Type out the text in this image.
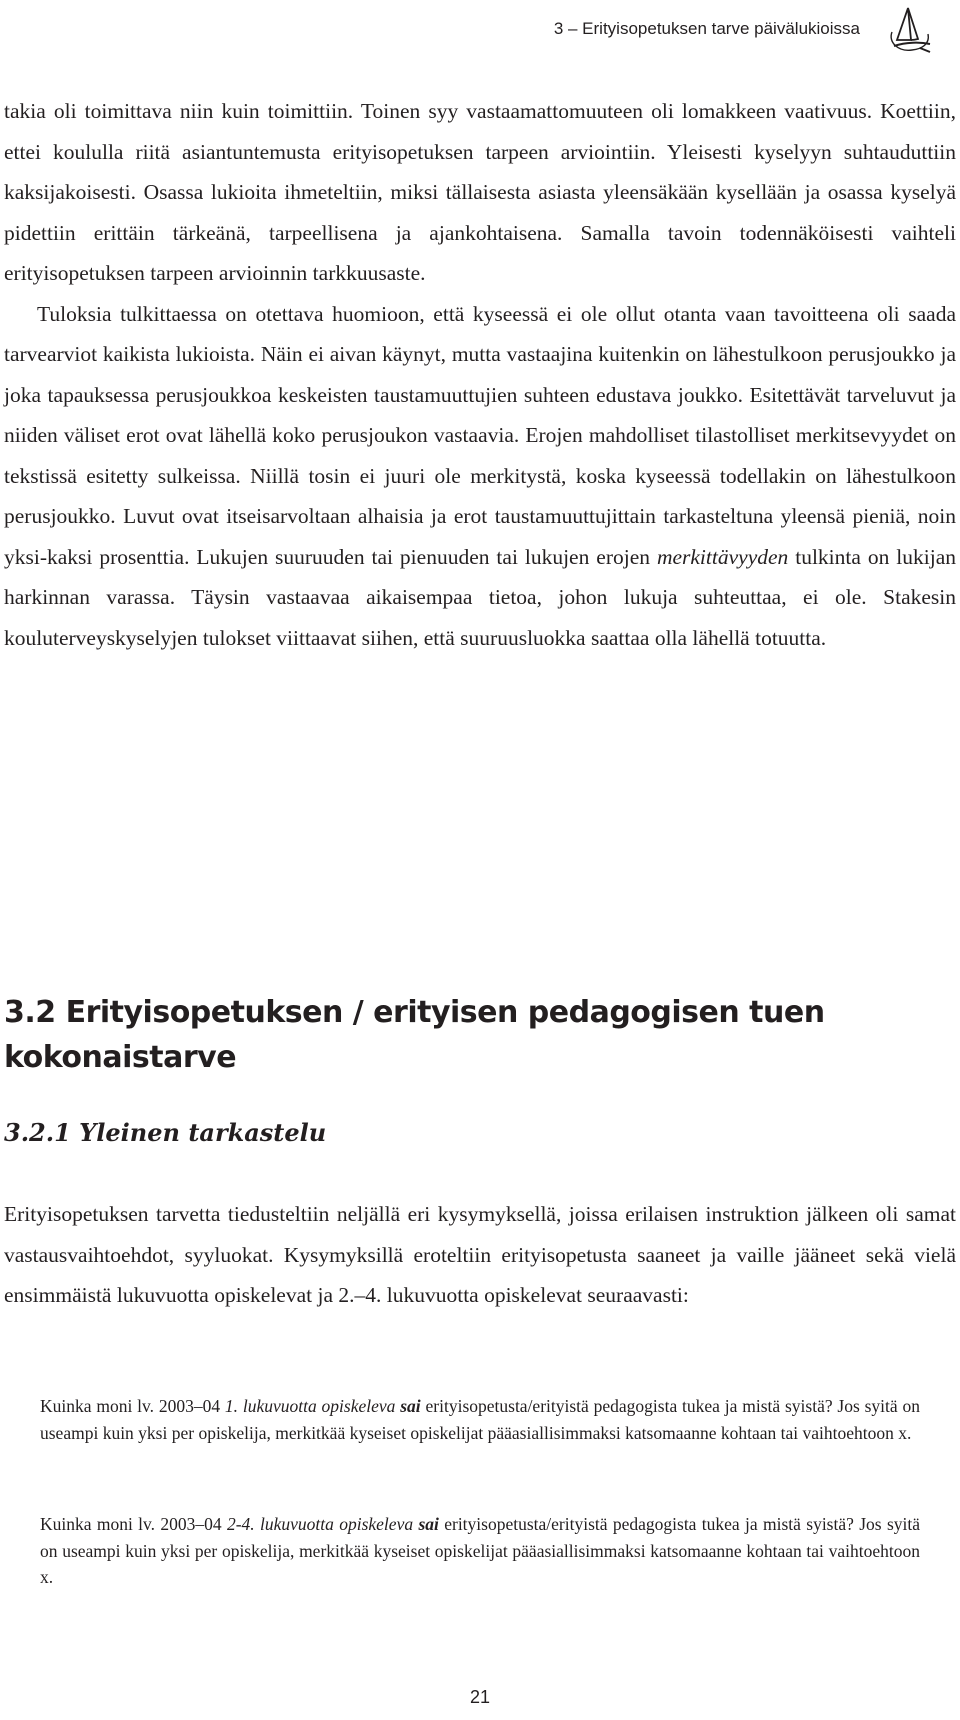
3 – Erityisopetuksen tarve päivälukioissa

takia oli toimittava niin kuin toimittiin. Toinen syy vastaamattomuuteen oli lomakkeen vaativuus. Koettiin, ettei koululla riitä asiantuntemusta erityisopetuksen tarpeen arviointiin. Yleisesti kyselyyn suhtauduttiin kaksijakoisesti. Osassa lukioita ihmeteltiin, miksi tällaisesta asiasta yleensäkään kysellään ja osassa kyselyä pidettiin erittäin tärkeänä, tarpeellisena ja ajankohtaisena. Samalla tavoin todennäköisesti vaihteli erityisopetuksen tarpeen arvioinnin tarkkuusaste.

Tuloksia tulkittaessa on otettava huomioon, että kyseessä ei ole ollut otanta vaan tavoitteena oli saada tarvearviot kaikista lukioista. Näin ei aivan käynyt, mutta vastaajina kuitenkin on lähestulkoon perusjoukko ja joka tapauksessa perusjoukkoa keskeisten taustamuuttujien suhteen edustava joukko. Esitettävät tarveluvut ja niiden väliset erot ovat lähellä koko perusjoukon vastaavia. Erojen mahdolliset tilastolliset merkitsevyydet on tekstissä esitetty sulkeissa. Niillä tosin ei juuri ole merkitystä, koska kyseessä todellakin on lähestulkoon perusjoukko. Luvut ovat itseisarvoltaan alhaisia ja erot taustamuuttujittain tarkasteltuna yleensä pieniä, noin yksi-kaksi prosenttia. Lukujen suuruuden tai pienuuden tai lukujen erojen merkittävyyden tulkinta on lukijan harkinnan varassa. Täysin vastaavaa aikaisempaa tietoa, johon lukuja suhteuttaa, ei ole. Stakesin kouluterveyskyselyjen tulokset viittaavat siihen, että suuruusluokka saattaa olla lähellä totuutta.

3.2 Erityisopetuksen / erityisen pedagogisen tuen kokonaistarve
3.2.1 Yleinen tarkastelu

Erityisopetuksen tarvetta tiedusteltiin neljällä eri kysymyksellä, joissa erilaisen instruktion jälkeen oli samat vastausvaihtoehdot, syyluokat. Kysymyksillä eroteltiin erityisopetusta saaneet ja vaille jääneet sekä vielä ensimmäistä lukuvuotta opiskelevat ja 2.–4. lukuvuotta opiskelevat seuraavasti:

Kuinka moni lv. 2003–04 1. lukuvuotta opiskeleva sai erityisopetusta/erityistä pedagogista tukea ja mistä syistä? Jos syitä on useampi kuin yksi per opiskelija, merkitkää kyseiset opiskelijat pääasiallisimmaksi katsomaanne kohtaan tai vaihtoehtoon x.

Kuinka moni lv. 2003–04 2-4. lukuvuotta opiskeleva sai erityisopetusta/erityistä pedagogista tukea ja mistä syistä? Jos syitä on useampi kuin yksi per opiskelija, merkitkää kyseiset opiskelijat pääasiallisimmaksi katsomaanne kohtaan tai vaihtoehtoon x.

21
